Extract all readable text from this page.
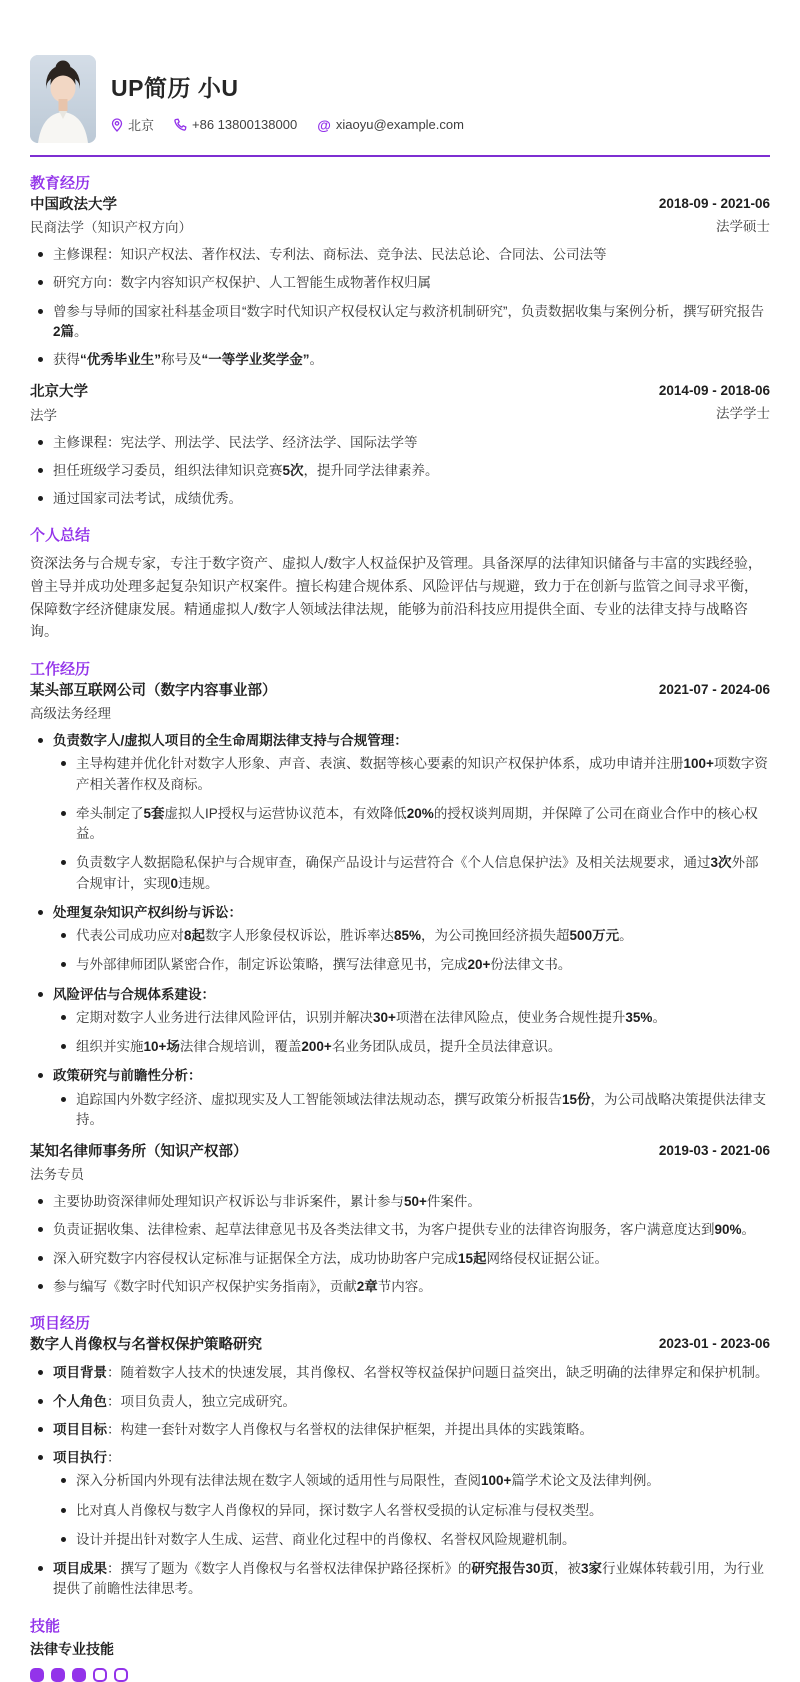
UP简历 小U
北京	+86 13800138000 @ xiaoyu@example.com
教育经历
中国政法大学
民商法学（知识产权方向）
2018-09 - 2021-06
法学硕士
主修课程：知识产权法、著作权法、专利法、商标法、竞争法、民法总论、合同法、公司法等
研究方向：数字内容知识产权保护、人工智能生成物著作权归属
曾参与导师的国家社科基金项目“数字时代知识产权侵权认定与救济机制研究”，负责数据收集与案例分析，撰写研究报告2篇。
获得“优秀毕业生”称号及“一等学业奖学金”。
北京大学
法学
2014-09 - 2018-06
法学学士
主修课程：宪法学、刑法学、民法学、经济法学、国际法学等
担任班级学习委员，组织法律知识竞赛5次，提升同学法律素养。
通过国家司法考试，成绩优秀。
个人总结

资深法务与合规专家，专注于数字资产、虚拟人/数字人权益保护及管理。具备深厚的法律知识储备与丰富的实践经验，曾主导并成功处理多起复杂知识产权案件。擅长构建合规体系、风险评估与规避，致力于在创新与监管之间寻求平衡，保障数字经济健康发展。精通虚拟人/数字人领域法律法规，能够为前沿科技应用提供全面、专业的法律支持与战略咨询。

工作经历
某头部互联网公司（数字内容事业部）
高级法务经理
2021-07 - 2024-06
负责数字人/虚拟人项目的全生命周期法律支持与合规管理：
主导构建并优化针对数字人形象、声音、表演、数据等核心要素的知识产权保护体系，成功申请并注册100+项数字资产相关著作权及商标。
牵头制定了5套虚拟人IP授权与运营协议范本，有效降低20%的授权谈判周期，并保障了公司在商业合作中的核心权益。
负责数字人数据隐私保护与合规审查，确保产品设计与运营符合《个人信息保护法》及相关法规要求，通过3次外部合规审计，实现0违规。
处理复杂知识产权纠纷与诉讼：
代表公司成功应对8起数字人形象侵权诉讼，胜诉率达85%，为公司挽回经济损失超500万元。
与外部律师团队紧密合作，制定诉讼策略，撰写法律意见书，完成20+份法律文书。
风险评估与合规体系建设：
定期对数字人业务进行法律风险评估，识别并解决30+项潜在法律风险点，使业务合规性提升35%。
组织并实施10+场法律合规培训，覆盖200+名业务团队成员，提升全员法律意识。
政策研究与前瞻性分析：
追踪国内外数字经济、虚拟现实及人工智能领域法律法规动态，撰写政策分析报告15份，为公司战略决策提供法律支持。
某知名律师事务所（知识产权部）
法务专员
2019-03 - 2021-06
主要协助资深律师处理知识产权诉讼与非诉案件，累计参与50+件案件。
负责证据收集、法律检索、起草法律意见书及各类法律文书，为客户提供专业的法律咨询服务，客户满意度达到90%。
深入研究数字内容侵权认定标准与证据保全方法，成功协助客户完成15起网络侵权证据公证。
参与编写《数字时代知识产权保护实务指南》，贡献2章节内容。
项目经历
数字人肖像权与名誉权保护策略研究	2023-01 - 2023-06
项目背景：随着数字人技术的快速发展，其肖像权、名誉权等权益保护问题日益突出，缺乏明确的法律界定和保护机制。
个人角色：项目负责人，独立完成研究。
项目目标：构建一套针对数字人肖像权与名誉权的法律保护框架，并提出具体的实践策略。
项目执行：
深入分析国内外现有法律法规在数字人领域的适用性与局限性，查阅100+篇学术论文及法律判例。
比对真人肖像权与数字人肖像权的异同，探讨数字人名誉权受损的认定标准与侵权类型。
设计并提出针对数字人生成、运营、商业化过程中的肖像权、名誉权风险规避机制。
项目成果：撰写了题为《数字人肖像权与名誉权法律保护路径探析》的研究报告30页，被3家行业媒体转载引用，为行业提供了前瞻性法律思考。
技能
法律专业技能
